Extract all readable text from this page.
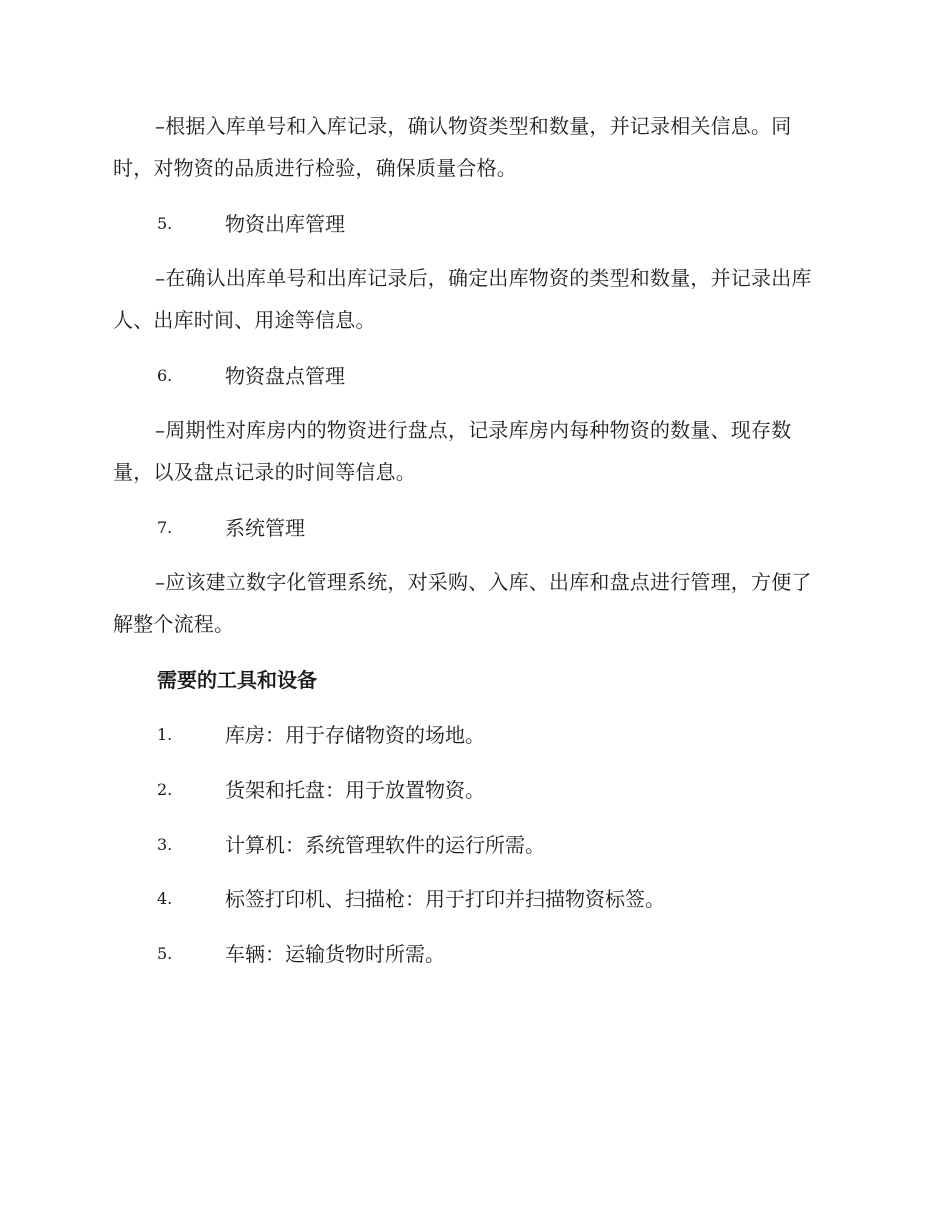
–根据入库单号和入库记录，确认物资类型和数量，并记录相关信息。同时，对物资的品质进行检验，确保质量合格。

5.	物资出库管理

–在确认出库单号和出库记录后，确定出库物资的类型和数量，并记录出库人、出库时间、用途等信息。

6.	物资盘点管理

–周期性对库房内的物资进行盘点，记录库房内每种物资的数量、现存数量，以及盘点记录的时间等信息。

7.	系统管理

–应该建立数字化管理系统，对采购、入库、出库和盘点进行管理，方便了解整个流程。

需要的工具和设备
1.	库房：用于存储物资的场地。
2.	货架和托盘：用于放置物资。
3.	计算机：系统管理软件的运行所需。
4.	标签打印机、扫描枪：用于打印并扫描物资标签。
5.	车辆：运输货物时所需。
